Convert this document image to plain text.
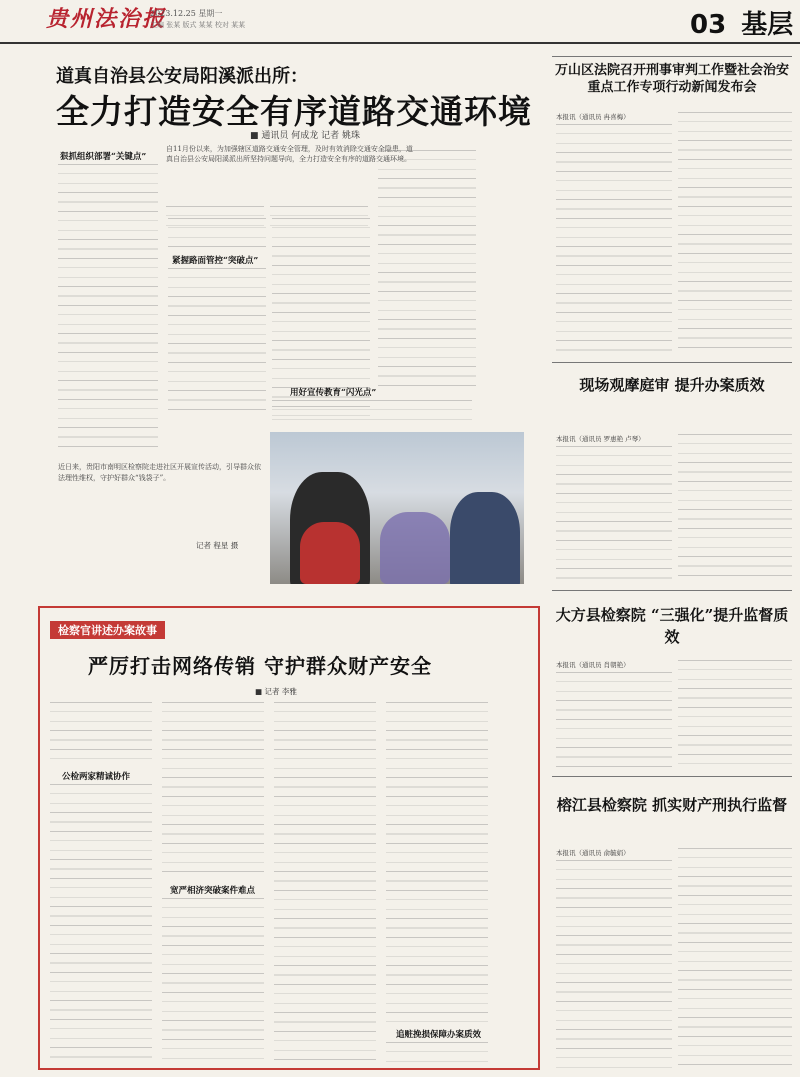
贵州法治报
2023.12.25 星期一
主编 张某 版式 某某 校对 某某	03 基层
道真自治县公安局阳溪派出所：
全力打造安全有序道路交通环境
■ 通讯员 何成龙 记者 姚珠
自11月份以来，为加强辖区道路交通安全管理，及时有效消除交通安全隐患，道真自治县公安局阳溪派出所坚持问题导向，全力打造安全有序的道路交通环境。
狠抓组织部署“关键点”
紧握路面管控“突破点”
用好宣传教育“闪光点”
近日来，贵阳市南明区检察院走进社区开展宣传活动，引导群众依法理性维权，守护好群众“钱袋子”。
记者 程星 摄
检察官讲述办案故事
严厉打击网络传销 守护群众财产安全
■ 记者 李雅
公检两家精诚协作
宽严相济突破案件难点
追赃挽损保障办案质效
万山区法院召开刑事审判工作暨社会治安重点工作专项行动新闻发布会
本报讯（通讯员 冉喜梅）
现场观摩庭审 提升办案质效
本报讯（通讯员 罗惠艳 卢琴）
大方县检察院 “三强化”提升监督质效
本报讯（通讯员 肖朝艳）
榕江县检察院 抓实财产刑执行监督
本报讯（通讯员 俞毓娟）
